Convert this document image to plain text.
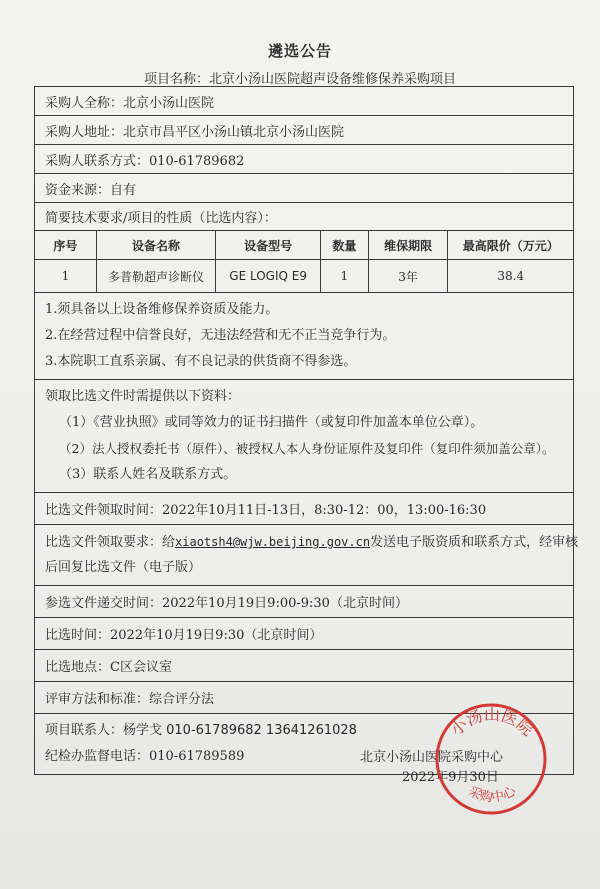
遴选公告
项目名称：北京小汤山医院超声设备维修保养采购项目
采购人全称：北京小汤山医院
采购人地址：北京市昌平区小汤山镇北京小汤山医院
采购人联系方式：010-61789682
资金来源：自有
简要技术要求/项目的性质（比选内容）：
序号	设备名称	设备型号	数量	维保期限	最高限价（万元）
1	多普勒超声诊断仪	GE LOGIQ E9	1	3年	38.4
1.须具备以上设备维修保养资质及能力。
2.在经营过程中信誉良好，无违法经营和无不正当竞争行为。
3.本院职工直系亲属、有不良记录的供货商不得参选。
领取比选文件时需提供以下资料：
（1）《营业执照》或同等效力的证书扫描件（或复印件加盖本单位公章）。
（2）法人授权委托书（原件）、被授权人本人身份证原件及复印件（复印件须加盖公章）。
（3）联系人姓名及联系方式。
比选文件领取时间：2022年10月11日-13日，8:30-12：00，13:00-16:30
比选文件领取要求：给xiaotsh4@wjw.beijing.gov.cn发送电子版资质和联系方式，经审核
后回复比选文件（电子版）
参选文件递交时间：2022年10月19日9:00-9:30（北京时间）
比选时间：2022年10月19日9:30（北京时间）
比选地点：C区会议室
评审方法和标准：综合评分法
项目联系人：杨学戈 010-61789682 13641261028
纪检办监督电话：010-61789589	北京小汤山医院采购中心
2022年9月30日
小汤山医院
采购中心
